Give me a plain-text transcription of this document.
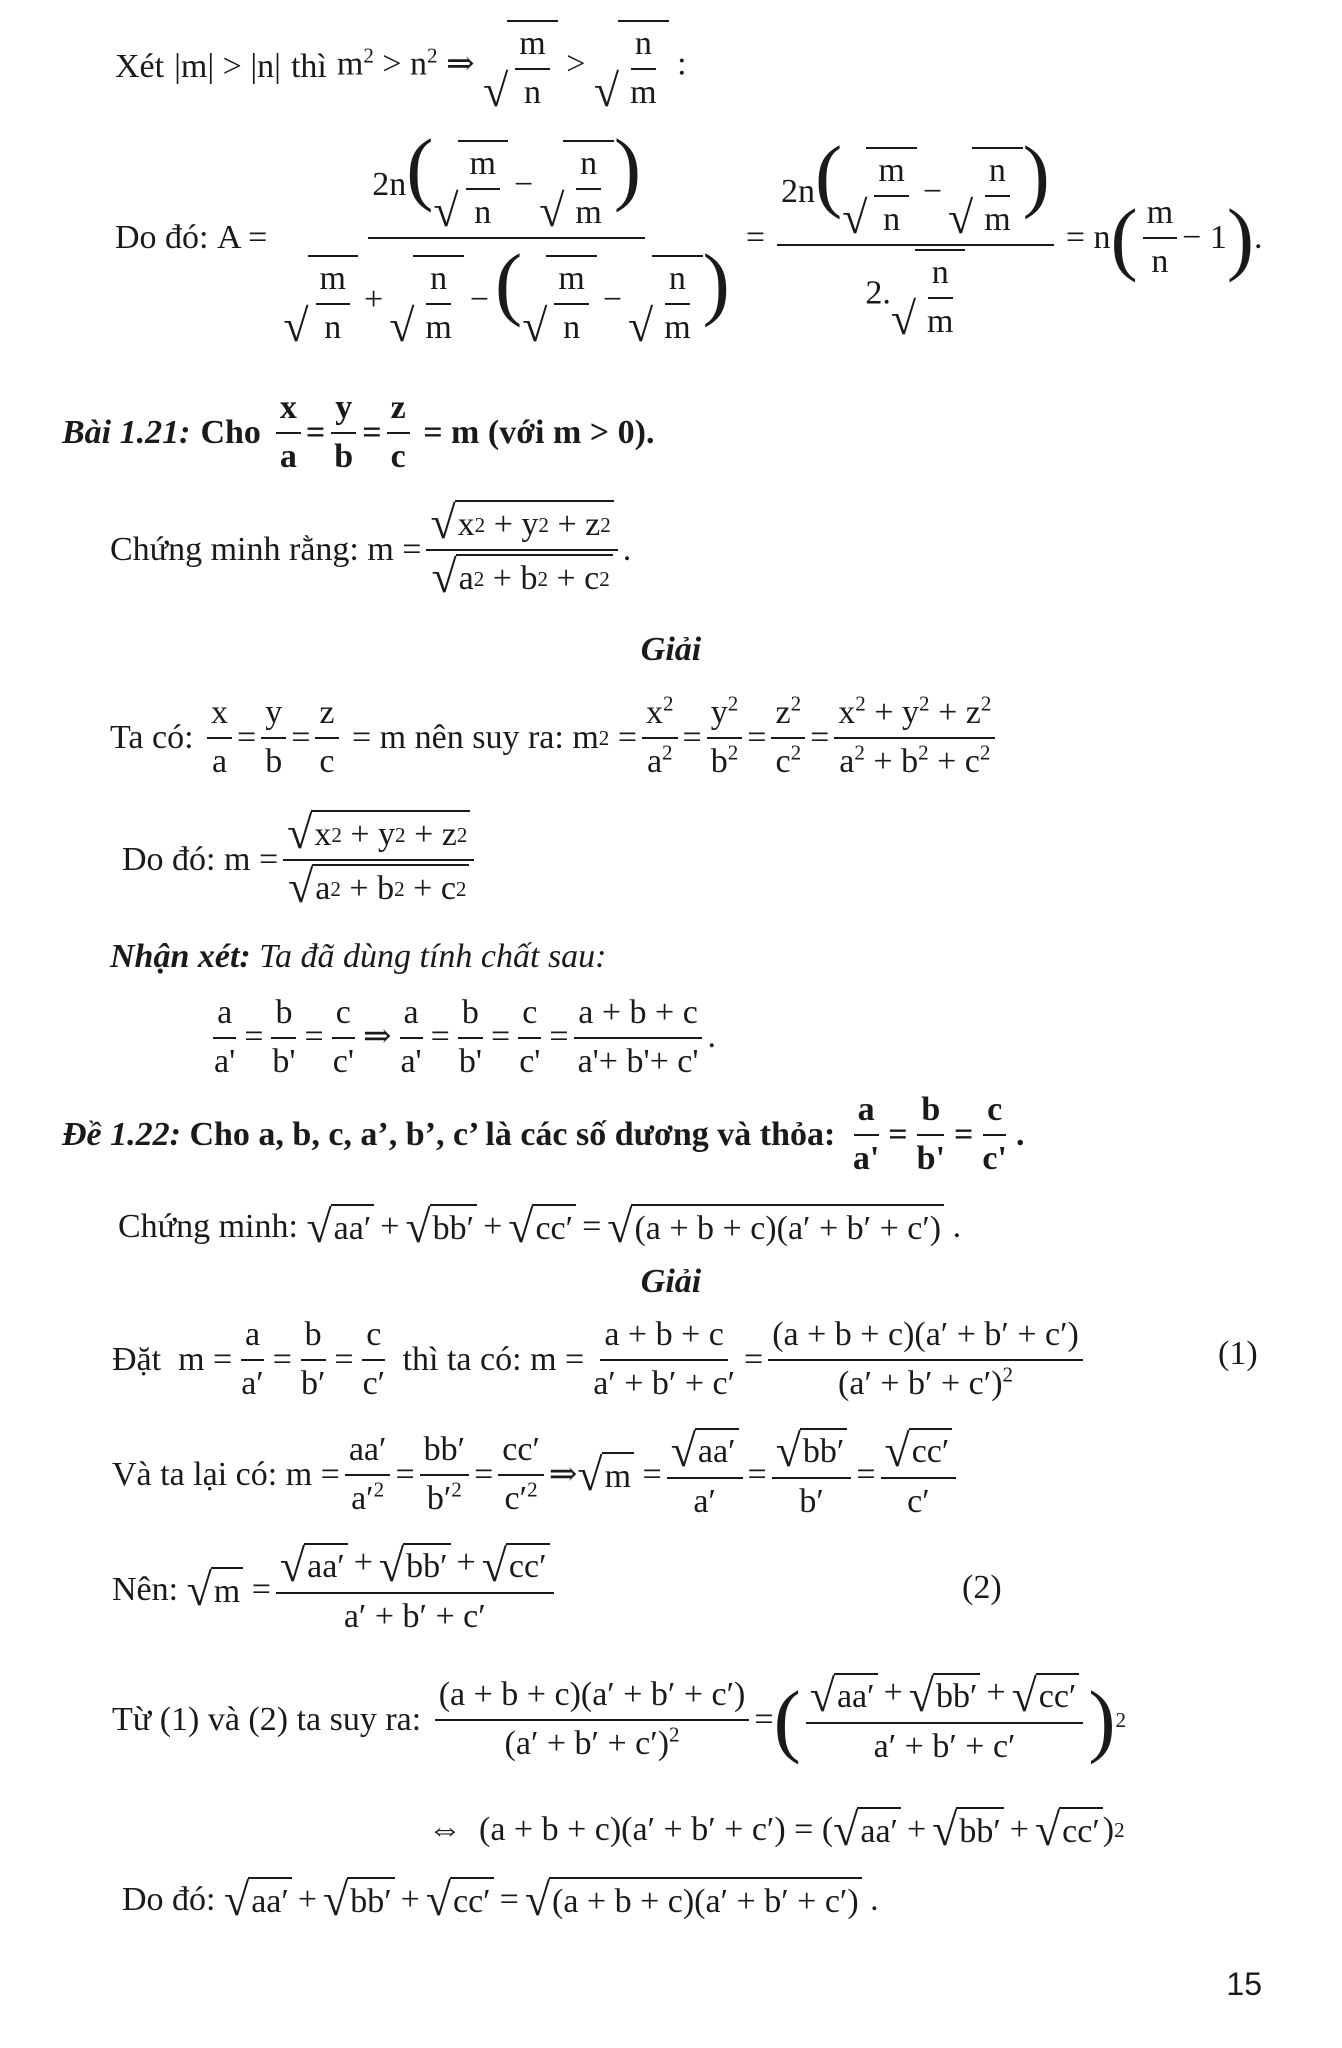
Xét |m| > |n| thì $m^2 > n^2$ ⇒
√ $\frac{m}{n}$ >
√ $\frac{n}{m}$ :
Do đó:
A = 2n( √ $\frac{m}{n}$ −
√ $\frac{n}{m}$ )
√ $\frac{m}{n}$ +
√ $\frac{n}{m}$ −( √ $\frac{m}{n}$ −
√ $\frac{n}{m}$ ) = 2n( √ $\frac{m}{n}$ −
√ $\frac{n}{m}$ )
2.
√ $\frac{n}{m} = n$ ( $\frac{m}{n} - 1$ ) .
Bài 1.21: Cho $\frac{x}{a} = \frac{y}{b} = \frac{z}{c}$
= m (với m > 0).
Chứng minh rằng:
$m = \frac{√ x 2 + y 2 + z 2}{√ a 2 + b 2 + c 2}$ .
Giải
Ta có:
$\frac{x}{a} = \frac{y}{b} = \frac{z}{c} = m$
nên suy ra:
m $2 = \frac{x^2}{a^2} = \frac{y^2}{b^2} = \frac{z^2}{c^2} = \frac{x^2 + y^2 + z^2}{a^2 + b^2 + c^2}$
Do đó:
$m = \frac{√ x 2 + y 2 + z 2}{√ a 2 + b 2 + c 2}$
Nhận xét:
Ta đã dùng tính chất sau:
$\frac{a}{a'} = \frac{b}{b'} = \frac{c}{c'}$ ⇒ $\frac{a}{a'} = \frac{b}{b'} = \frac{c}{c'} = \frac{a + b + c}{a'+ b'+ c'}$ .
Đề 1.22:
Cho a, b, c, a’, b’, c’ là các số dương và thỏa:
$\frac{a}{a'} = \frac{b}{b'} = \frac{c}{c'}$ .
Chứng minh:
√ aa′ + √ bb′ + √ cc′ = √ (a + b + c)(a′ + b′ + c′) .
Giải
Đặt
$m = \frac{a}{a'} = \frac{b}{b'} = \frac{c}{c'}$
thì ta có:
$m = \frac{a + b + c}{a' + b' + c'} = \frac{(a + b + c)(a' + b' + c')}{(a' + b' + c')^2}$	(1)
Và ta lại có:
$m = \frac{aa'}{a'^2} = \frac{bb'}{b'^2} = \frac{cc'}{c'^2}$ ⇒ √ $m = \frac{√ aa'}{a'} = \frac{√ bb'}{b'} = \frac{√ cc'}{c'}$
Nên:
√ $m = \frac{√ aa' + √ bb' + √ cc'}{a' + b' + c'}$	(2)
Từ (1) và (2) ta suy ra:
$\frac{(a + b + c)(a' + b' + c')}{(a' + b' + c')^2}$ = ( $\frac{√ aa' + √ bb' + √ cc'}{a' + b' + c'}$ ) 2
⇔  (a + b + c)(a′ + b′ + c′) = ( √ aa′ + √ bb′ + √ cc′ ) 2
Do đó:
√ aa′ + √ bb′ + √ cc′ = √ (a + b + c)(a′ + b′ + c′) .
15
